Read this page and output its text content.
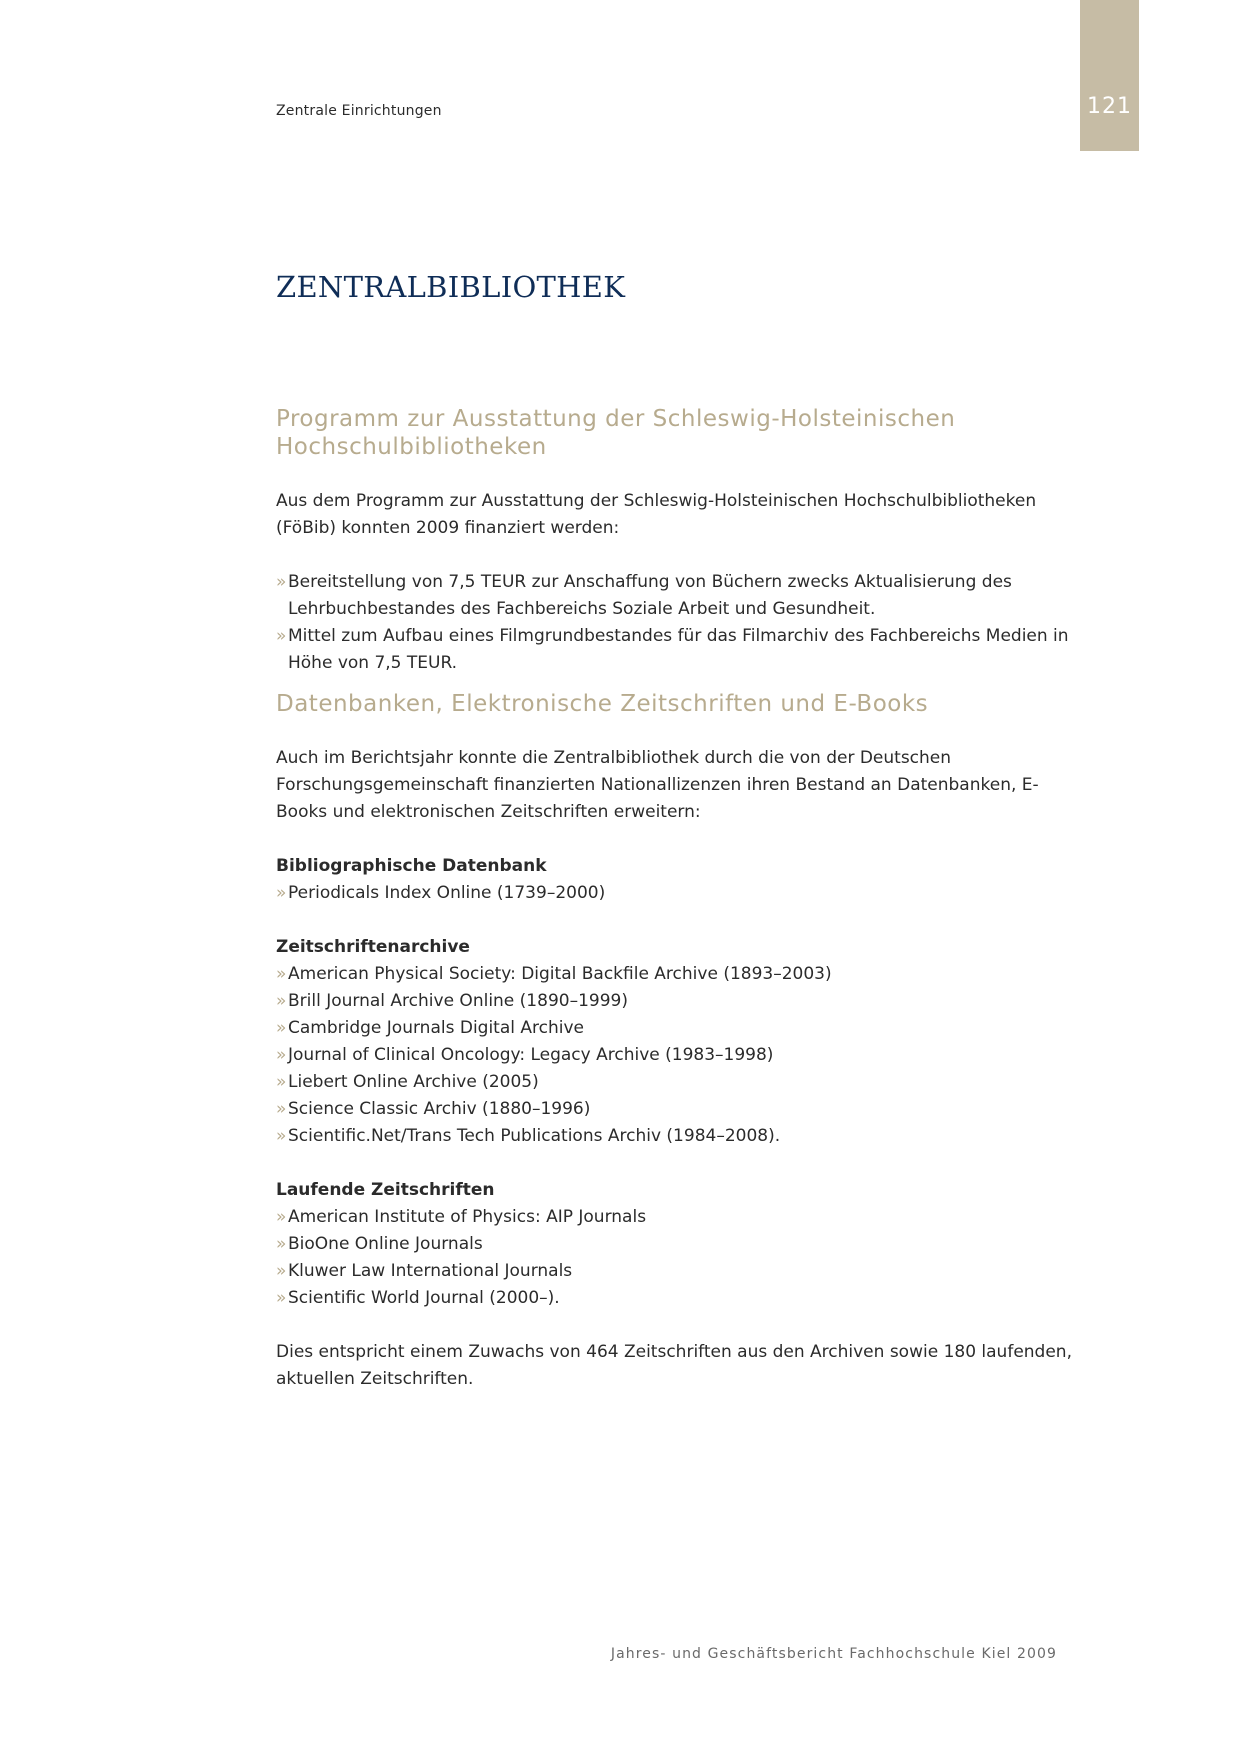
121
Zentrale Einrichtungen
ZENTRALBIBLIOTHEK
Programm zur Ausstattung der Schleswig-Holsteinischen Hochschulbibliotheken

Aus dem Programm zur Ausstattung der Schleswig-Holsteinischen Hochschulbibliotheken (FöBib) konnten 2009 finanziert werden:

» Bereitstellung von 7,5 TEUR zur Anschaffung von Büchern zwecks Aktualisierung des Lehrbuchbestandes des Fachbereichs Soziale Arbeit und Gesundheit.
» Mittel zum Aufbau eines Filmgrundbestandes für das Filmarchiv des Fachbereichs Medien in Höhe von 7,5 TEUR.
Datenbanken, Elektronische Zeitschriften und E-Books

Auch im Berichtsjahr konnte die Zentralbibliothek durch die von der Deutschen Forschungsgemeinschaft finanzierten Nationallizenzen ihren Bestand an Datenbanken, E-Books und elektronischen Zeitschriften erweitern:

Bibliographische Datenbank

» Periodicals Index Online (1739–2000)

Zeitschriftenarchive

» American Physical Society: Digital Backfile Archive (1893–2003)
» Brill Journal Archive Online (1890–1999)
» Cambridge Journals Digital Archive
» Journal of Clinical Oncology: Legacy Archive (1983–1998)
» Liebert Online Archive (2005)
» Science Classic Archiv (1880–1996)
» Scientific.Net/Trans Tech Publications Archiv (1984–2008).

Laufende Zeitschriften

» American Institute of Physics: AIP Journals
» BioOne Online Journals
» Kluwer Law International Journals
» Scientific World Journal (2000–).

Dies entspricht einem Zuwachs von 464 Zeitschriften aus den Archiven sowie 180 laufenden, aktuellen Zeitschriften.

Jahres- und Geschäftsbericht Fachhochschule Kiel 2009
